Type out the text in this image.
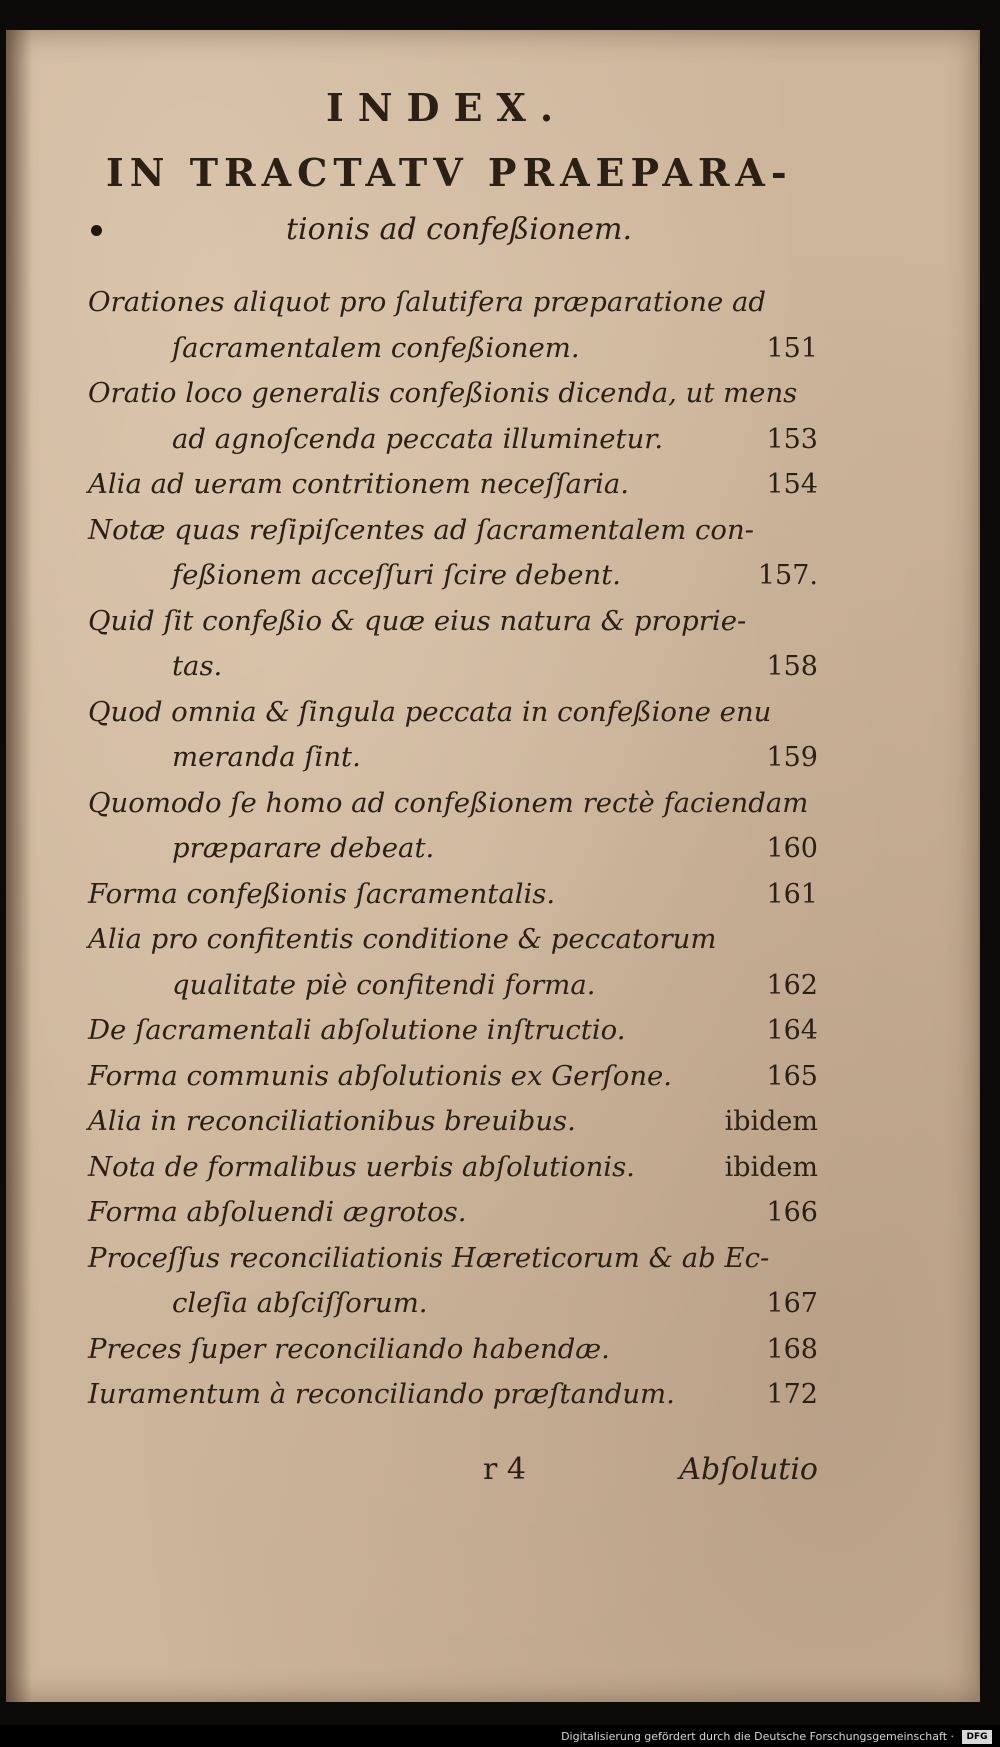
INDEX.
IN TRACTATV PRAEPARA-
tionis ad confeßionem.
Orationes aliquot pro ſalutifera præparatione ad
ſacramentalem confeßionem.	151
Oratio loco generalis confeßionis dicenda, ut mens
ad agnoſcenda peccata illuminetur.	153
Alia ad ueram contritionem neceſſaria.	154
Notæ quas reſipiſcentes ad ſacramentalem con-
feßionem acceſſuri ſcire debent.	157.
Quid ſit confeßio & quæ eius natura & proprie-
tas.	158
Quod omnia & ſingula peccata in confeßione enu
meranda ſint.	159
Quomodo ſe homo ad confeßionem rectè faciendam
præparare debeat.	160
Forma confeßionis ſacramentalis.	161
Alia pro confitentis conditione & peccatorum
qualitate piè confitendi forma.	162
De ſacramentali abſolutione inſtructio.	164
Forma communis abſolutionis ex Gerſone.	165
Alia in reconciliationibus breuibus.	ibidem
Nota de formalibus uerbis abſolutionis.	ibidem
Forma abſoluendi ægrotos.	166
Proceſſus reconciliationis Hæreticorum & ab Ec-
cleſia abſciſſorum.	167
Preces ſuper reconciliando habendæ.	168
Iuramentum à reconciliando præſtandum.	172
r 4	Abſolutio
Digitalisierung gefördert durch die Deutsche Forschungsgemeinschaft ·	DFG
